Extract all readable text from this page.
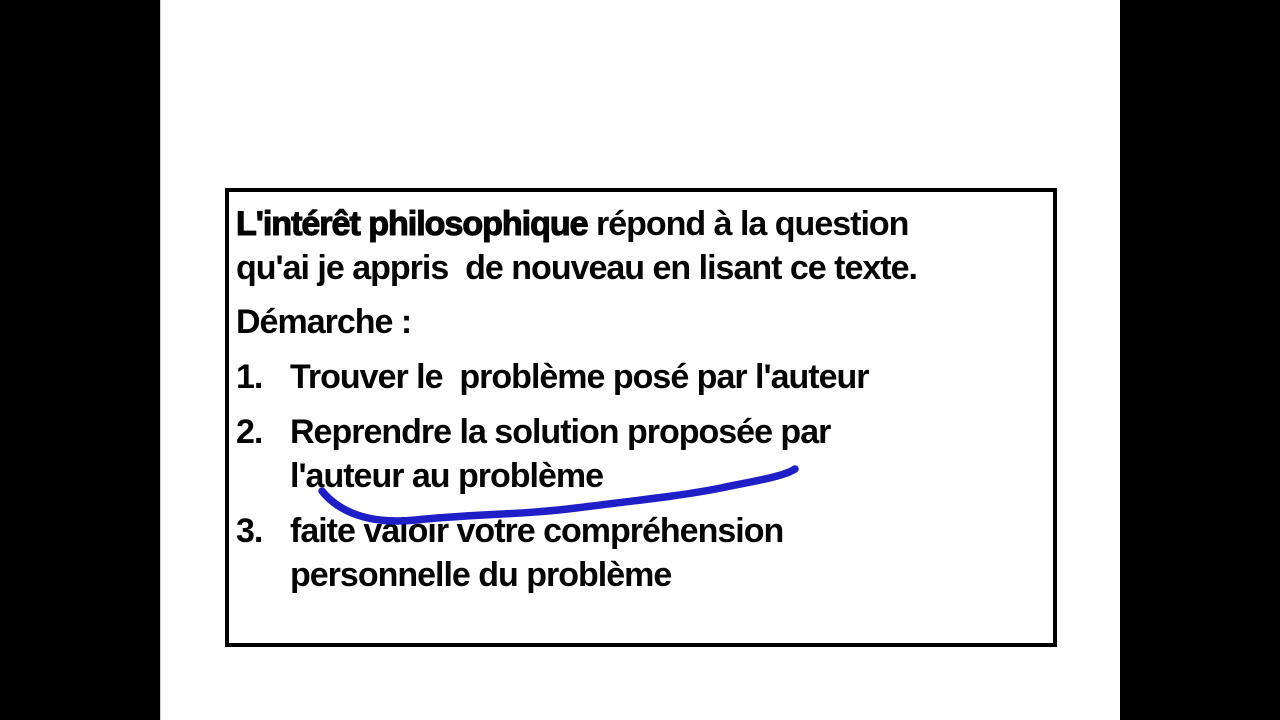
L'intérêt philosophique répond à la question
qu'ai je appris  de nouveau en lisant ce texte.

Démarche :

1. Trouver le  problème posé par l'auteur
2. Reprendre la solution proposée par
l'auteur au problème
3. faite valoir votre compréhension
personnelle du problème
